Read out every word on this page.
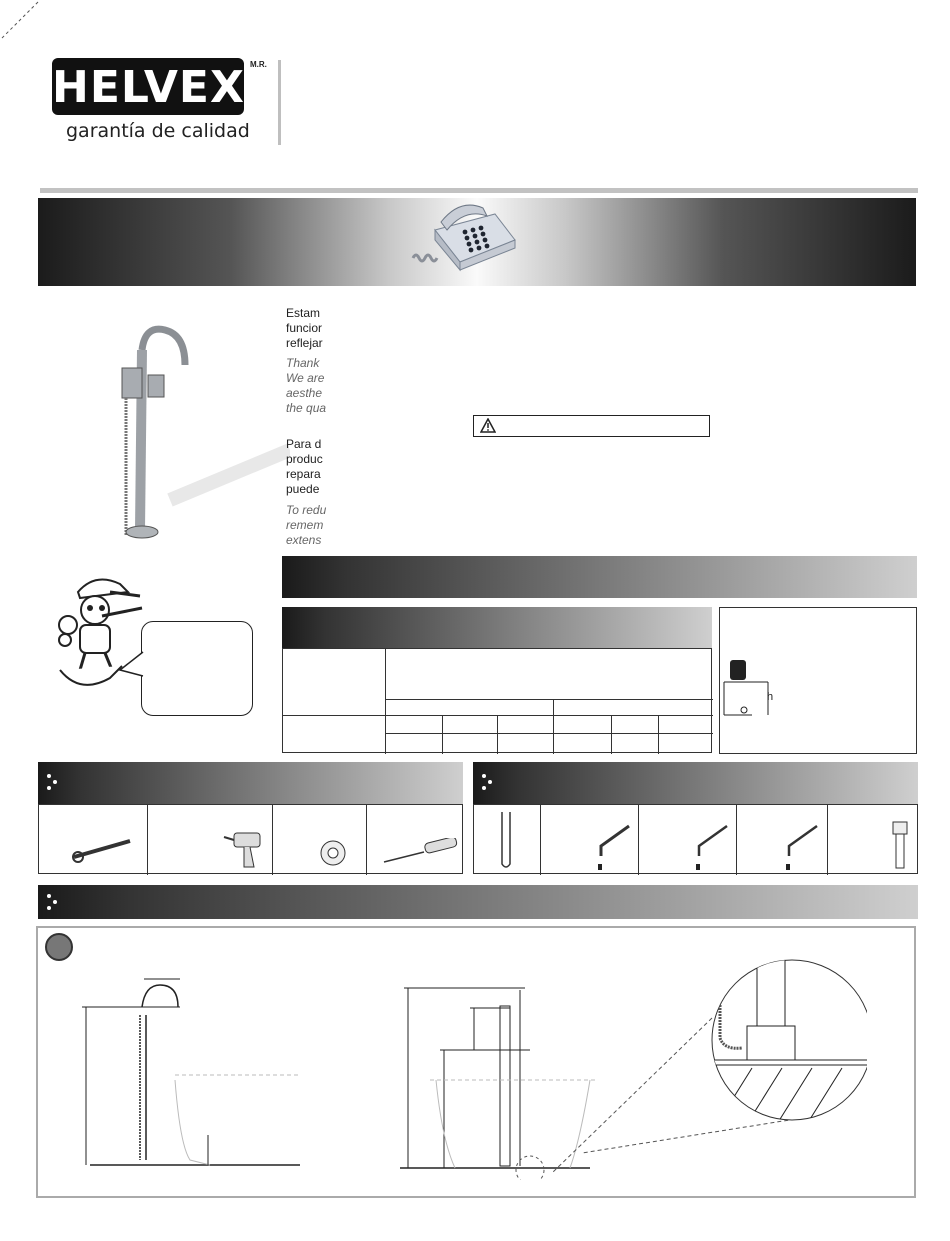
HELVEX M.R.
garantía de calidad
Estam
funcior
reflejar
Thank
We are
aesthe
the qua
Para d
produc
repara
puede
To redu
remem
extens
h
